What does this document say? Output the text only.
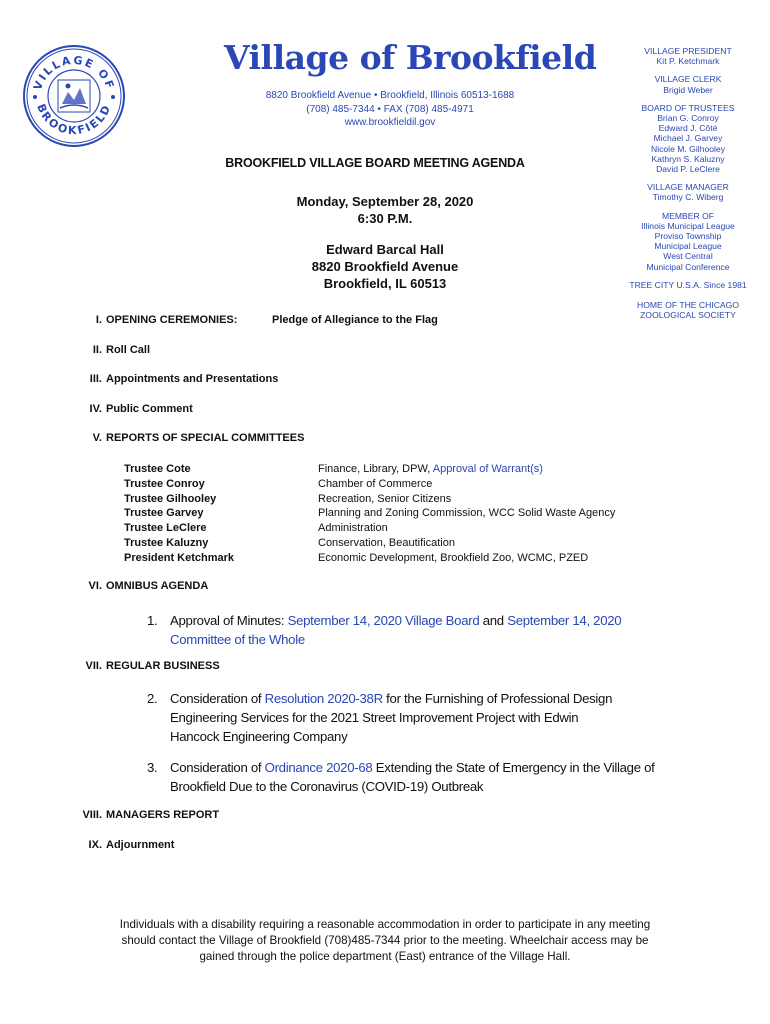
VILLAGE OF
BROOKFIELD
Village of Brookfield
8820 Brookfield Avenue • Brookfield, Illinois 60513-1688
(708) 485-7344 • FAX (708) 485-4971
www.brookfieldil.gov
VILLAGE PRESIDENT
Kit P. Ketchmark
VILLAGE CLERK
Brigid Weber
BOARD OF TRUSTEES
Brian G. Conroy
Edward J. Côté
Michael J. Garvey
Nicole M. Gilhooley
Kathryn S. Kaluzny
David P. LeClere
VILLAGE MANAGER
Timothy C. Wiberg
MEMBER OF
Illinois Municipal League
Proviso Township
Municipal League
West Central
Municipal Conference
TREE CITY U.S.A. Since 1981
HOME OF THE CHICAGO
ZOOLOGICAL SOCIETY
BROOKFIELD VILLAGE BOARD MEETING AGENDA
Monday, September 28, 2020
6:30 P.M.
Edward Barcal Hall
8820 Brookfield Avenue
Brookfield, IL 60513
I. OPENING CEREMONIES:	Pledge of Allegiance to the Flag
II. Roll Call
III. Appointments and Presentations
IV. Public Comment
V. REPORTS OF SPECIAL COMMITTEES
Trustee Cote	Finance, Library, DPW, Approval of Warrant(s)
Trustee Conroy	Chamber of Commerce
Trustee Gilhooley	Recreation, Senior Citizens
Trustee Garvey	Planning and Zoning Commission, WCC Solid Waste Agency
Trustee LeClere	Administration
Trustee Kaluzny	Conservation, Beautification
President Ketchmark	Economic Development, Brookfield Zoo, WCMC, PZED
VI. OMNIBUS AGENDA
1. Approval of Minutes: September 14, 2020 Village Board and September 14, 2020
Committee of the Whole
VII. REGULAR BUSINESS
2. Consideration of Resolution 2020-38R for the Furnishing of Professional Design
Engineering Services for the 2021 Street Improvement Project with Edwin
Hancock Engineering Company
3. Consideration of Ordinance 2020-68 Extending the State of Emergency in the Village of
Brookfield Due to the Coronavirus (COVID-19) Outbreak
VIII. MANAGERS REPORT
IX. Adjournment
Individuals with a disability requiring a reasonable accommodation in order to participate in any meeting
should contact the Village of Brookfield (708)485-7344 prior to the meeting. Wheelchair access may be
gained through the police department (East) entrance of the Village Hall.
